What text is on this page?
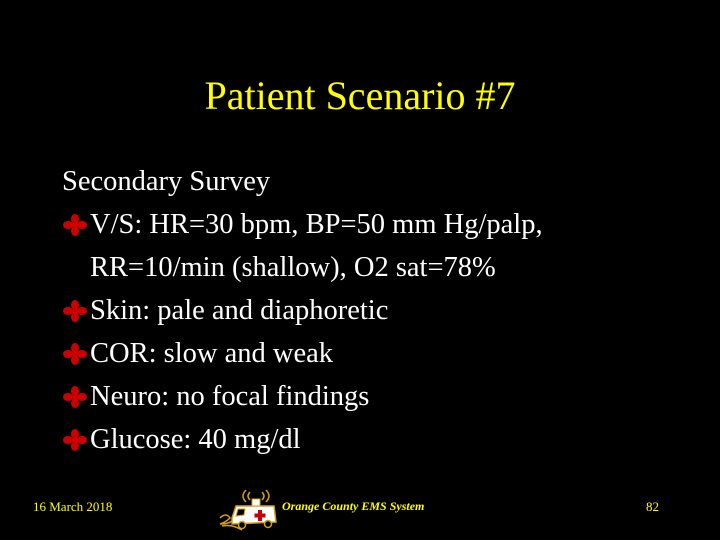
Patient Scenario #7
Secondary Survey
V/S: HR=30 bpm, BP=50 mm Hg/palp,
RR=10/min (shallow), O2 sat=78%
Skin: pale and diaphoretic
COR: slow and weak
Neuro: no focal findings
Glucose: 40 mg/dl
16 March 2018	Orange County EMS System	82
